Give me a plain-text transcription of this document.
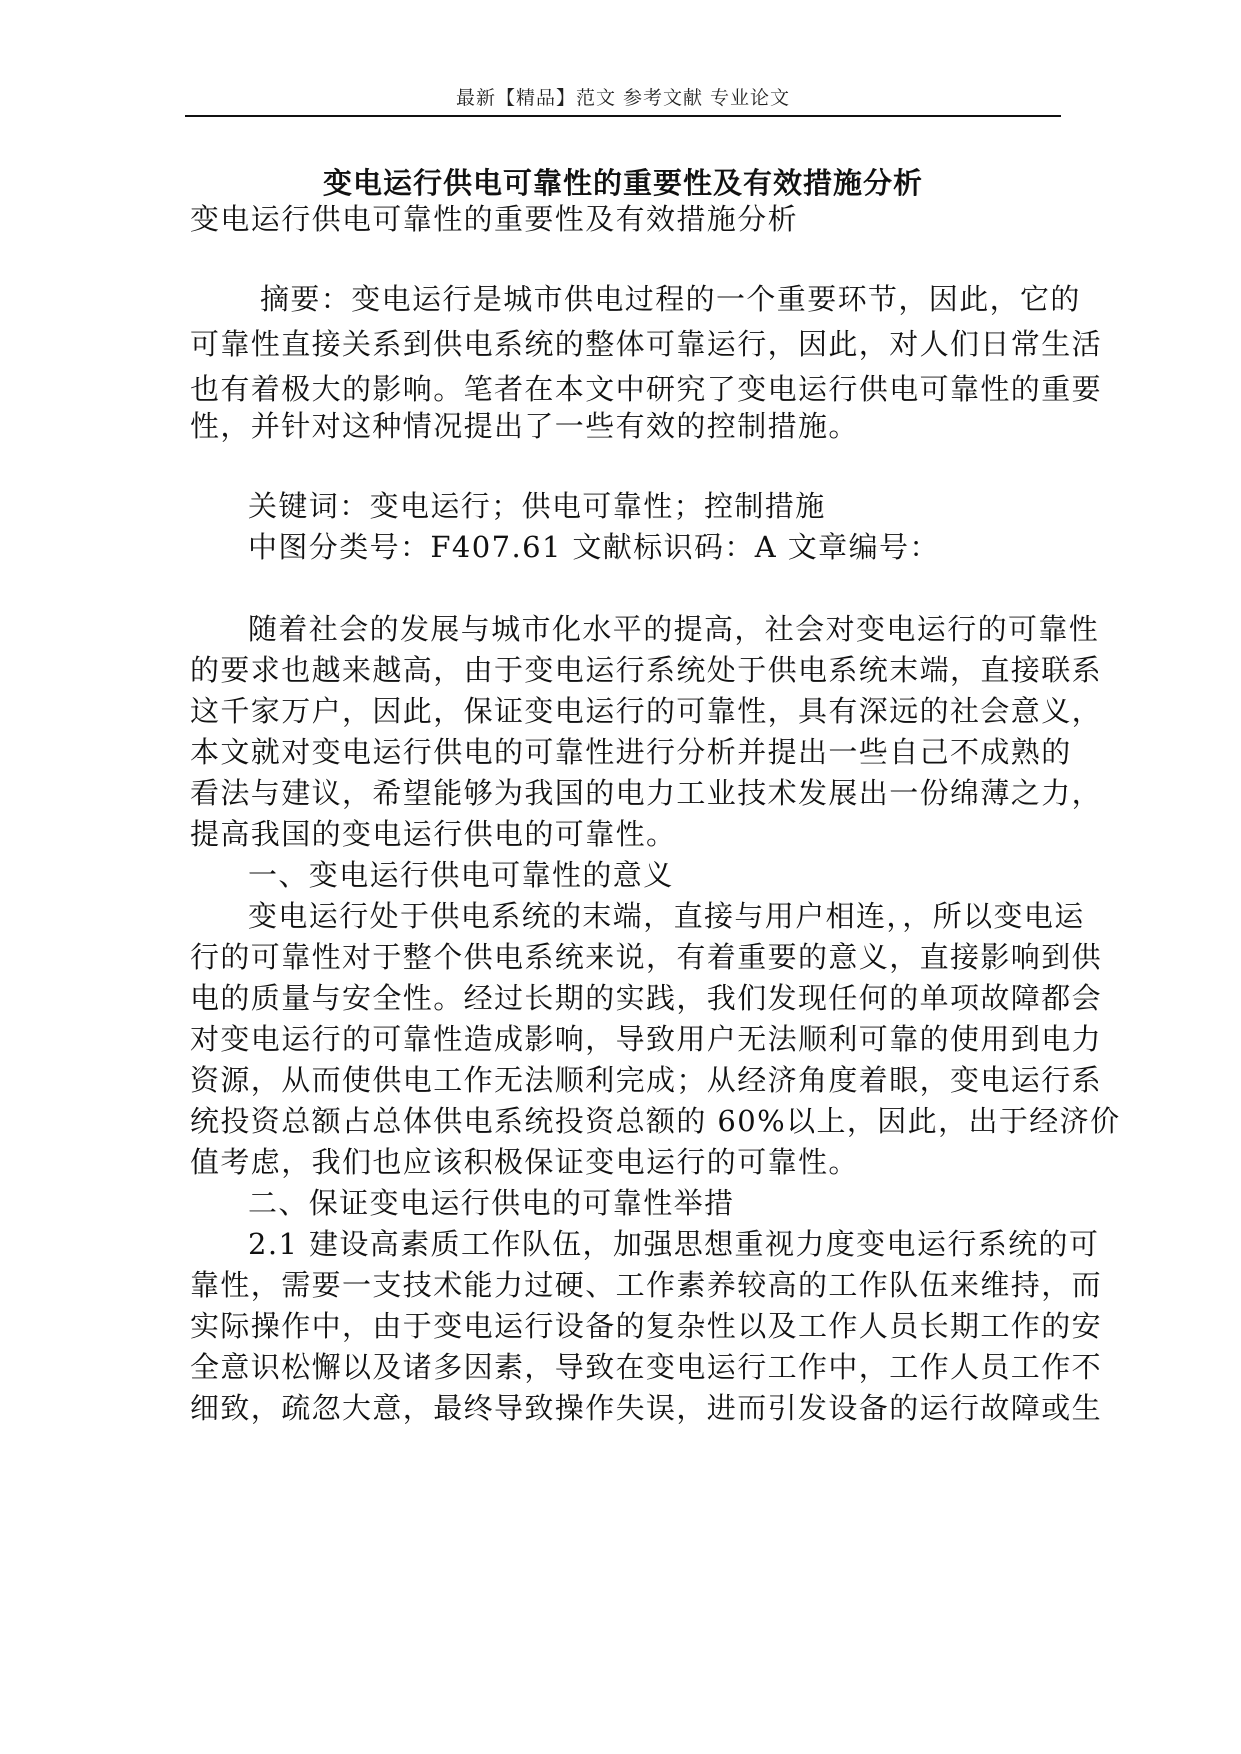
最新【精品】范文 参考文献 专业论文
变电运行供电可靠性的重要性及有效措施分析
变电运行供电可靠性的重要性及有效措施分析
摘要：变电运行是城市供电过程的一个重要环节，因此，它的
可靠性直接关系到供电系统的整体可靠运行，因此，对人们日常生活
也有着极大的影响。笔者在本文中研究了变电运行供电可靠性的重要
性，并针对这种情况提出了一些有效的控制措施。
关键词：变电运行；供电可靠性；控制措施
中图分类号：F407.61 文献标识码：A 文章编号：
随着社会的发展与城市化水平的提高，社会对变电运行的可靠性
的要求也越来越高，由于变电运行系统处于供电系统末端，直接联系
这千家万户，因此，保证变电运行的可靠性，具有深远的社会意义，
本文就对变电运行供电的可靠性进行分析并提出一些自己不成熟的
看法与建议，希望能够为我国的电力工业技术发展出一份绵薄之力，
提高我国的变电运行供电的可靠性。
一、变电运行供电可靠性的意义
变电运行处于供电系统的末端，直接与用户相连，，所以变电运
行的可靠性对于整个供电系统来说，有着重要的意义，直接影响到供
电的质量与安全性。经过长期的实践，我们发现任何的单项故障都会
对变电运行的可靠性造成影响，导致用户无法顺利可靠的使用到电力
资源，从而使供电工作无法顺利完成；从经济角度着眼，变电运行系
统投资总额占总体供电系统投资总额的 60%以上，因此，出于经济价
值考虑，我们也应该积极保证变电运行的可靠性。
二、保证变电运行供电的可靠性举措
2.1 建设高素质工作队伍，加强思想重视力度变电运行系统的可
靠性，需要一支技术能力过硬、工作素养较高的工作队伍来维持，而
实际操作中，由于变电运行设备的复杂性以及工作人员长期工作的安
全意识松懈以及诸多因素，导致在变电运行工作中，工作人员工作不
细致，疏忽大意，最终导致操作失误，进而引发设备的运行故障或生
